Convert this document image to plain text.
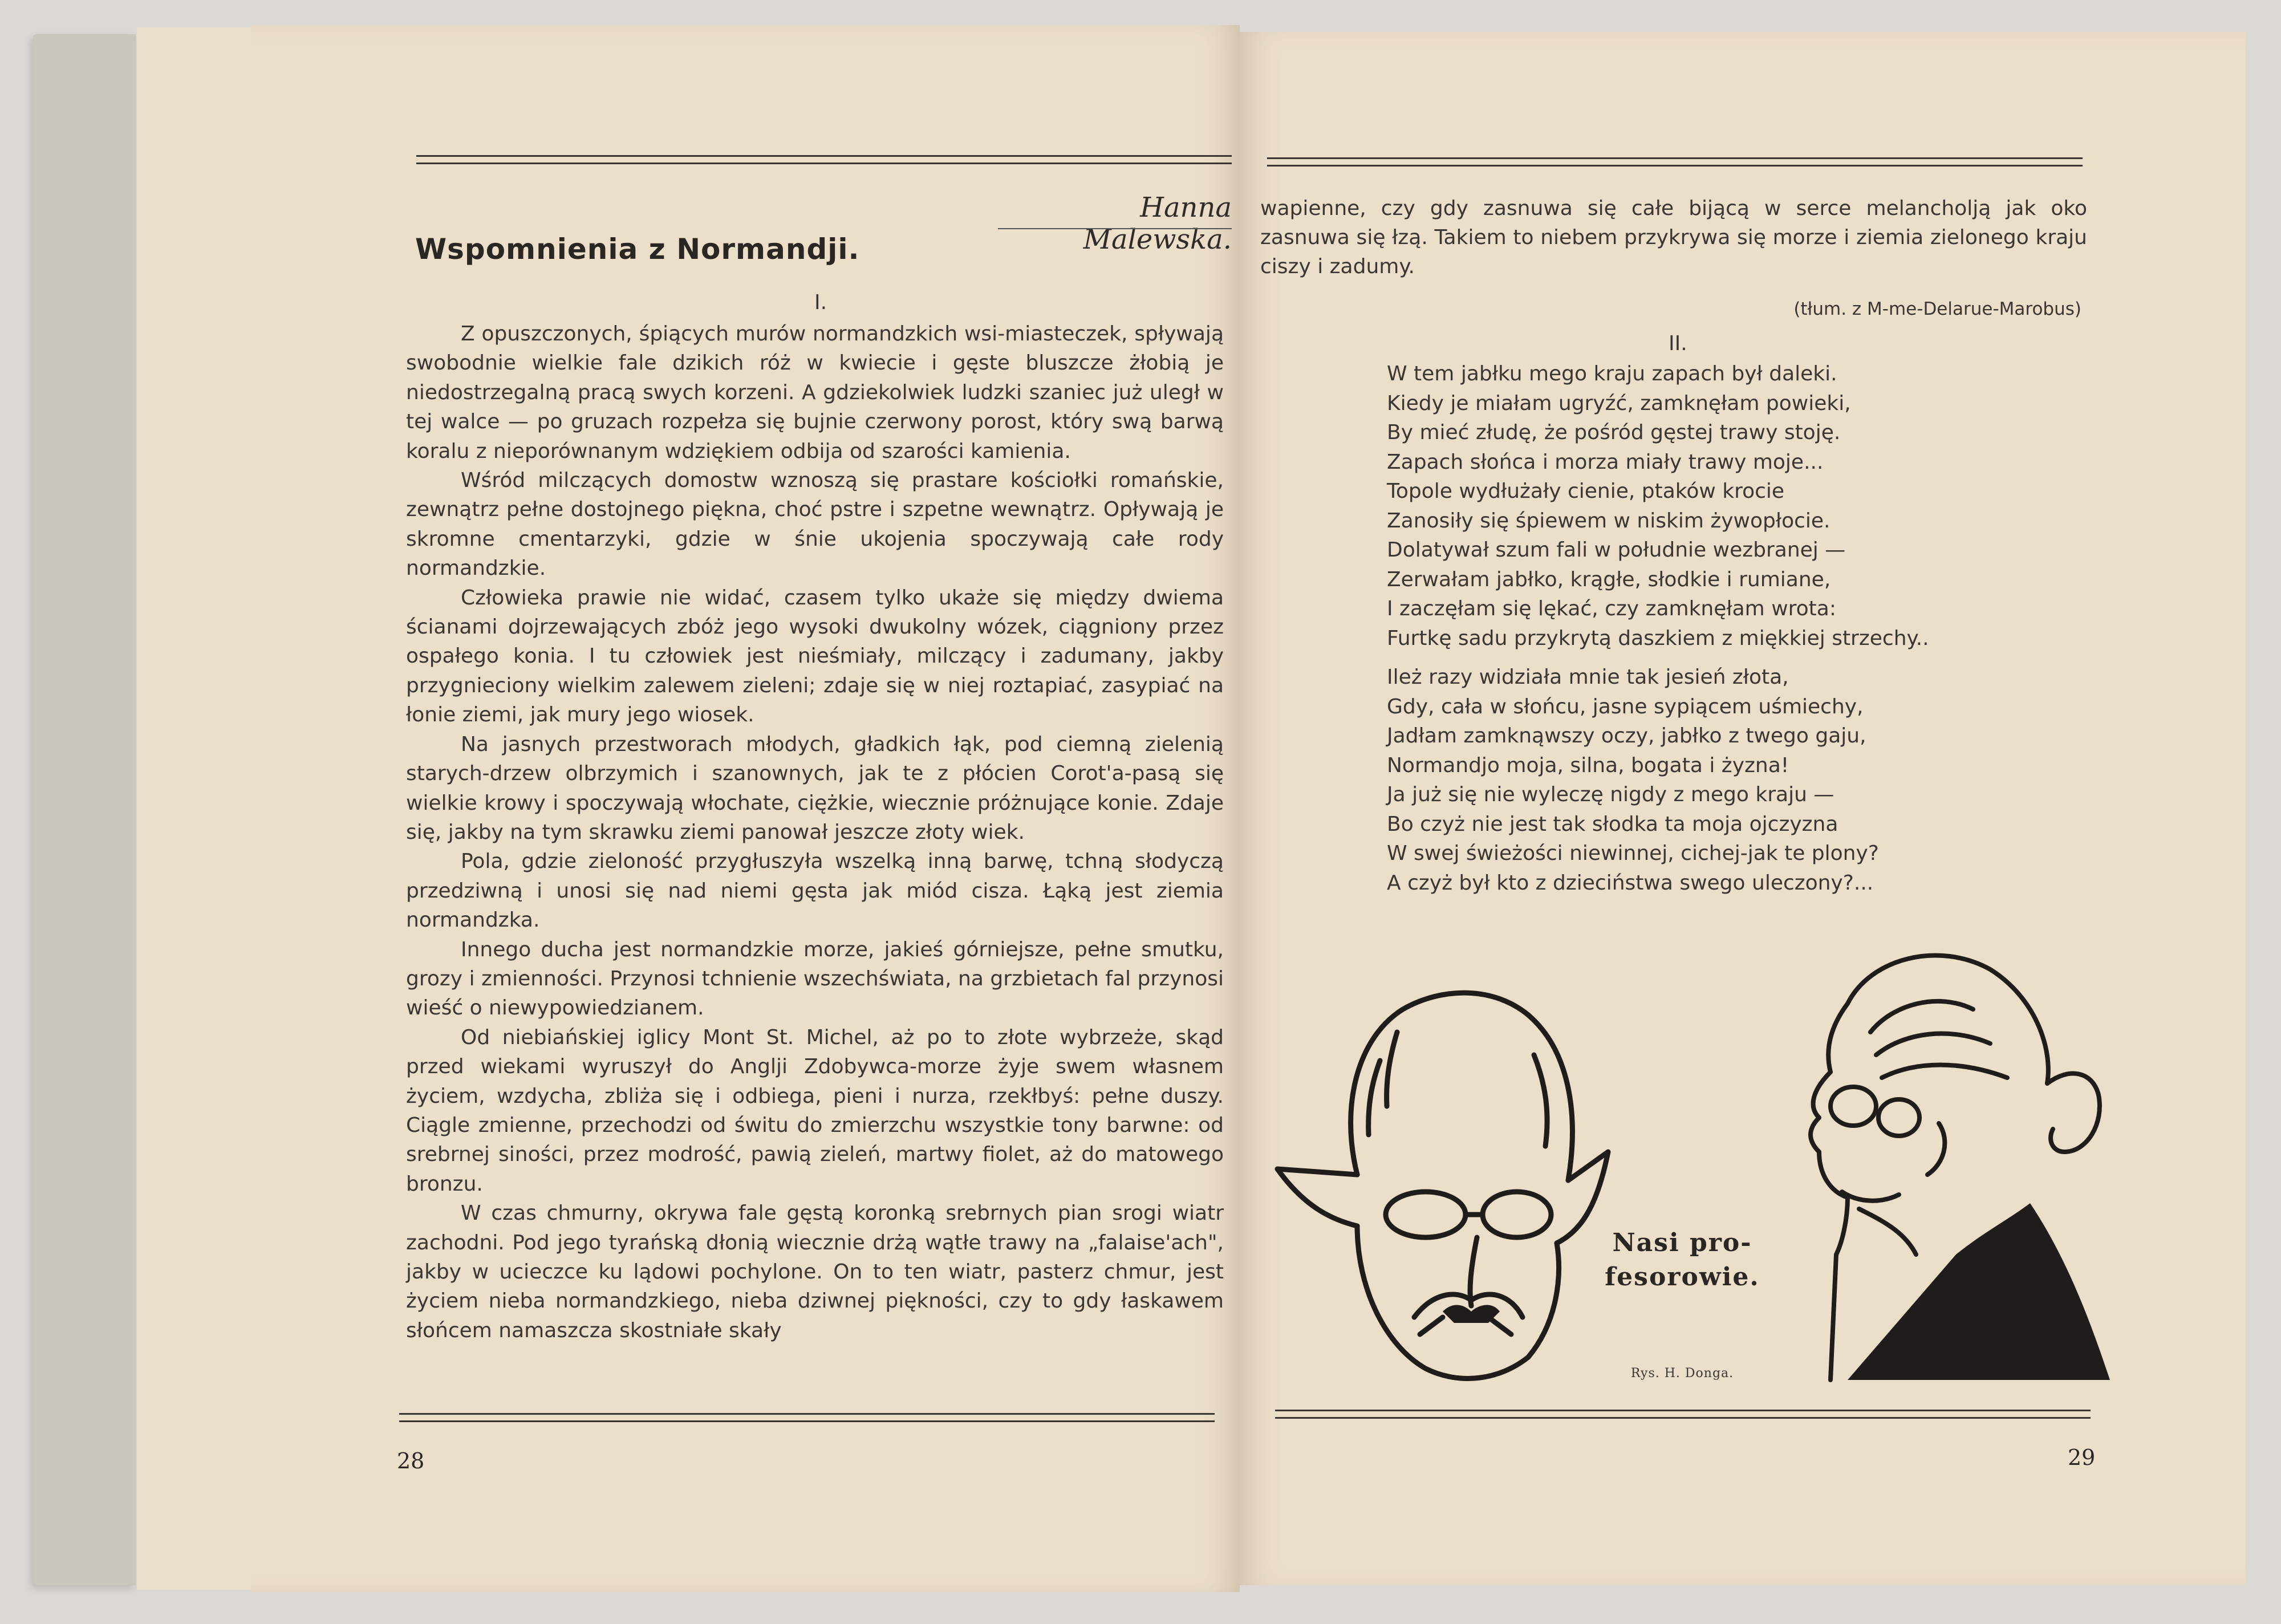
Hanna Malewska.
Wspomnienia z Normandji.
I.

Z opuszczonych, śpiących murów normandzkich wsi-miasteczek, spływają swobodnie wielkie fale dzikich róż w kwiecie i gęste bluszcze żłobią je niedostrzegalną pracą swych korzeni. A gdziekolwiek ludzki szaniec już uległ w tej walce — po gruzach rozpełza się bujnie czerwony porost, który swą barwą koralu z nieporównanym wdziękiem odbija od szarości kamienia.

Wśród milczących domostw wznoszą się prastare kościołki romańskie, zewnątrz pełne dostojnego piękna, choć pstre i szpetne wewnątrz. Opływają je skromne cmentarzyki, gdzie w śnie ukojenia spoczywają całe rody normandzkie.

Człowieka prawie nie widać, czasem tylko ukaże się między dwiema ścianami dojrzewających zbóż jego wysoki dwukolny wózek, ciągniony przez ospałego konia. I tu człowiek jest nieśmiały, milczący i zadumany, jakby przygnieciony wielkim zalewem zieleni; zdaje się w niej roztapiać, zasypiać na łonie ziemi, jak mury jego wiosek.

Na jasnych przestworach młodych, gładkich łąk, pod ciemną zielenią starych-drzew olbrzymich i szanownych, jak te z płócien Corot'a-pasą się wielkie krowy i spoczywają włochate, ciężkie, wiecznie próżnujące konie. Zdaje się, jakby na tym skrawku ziemi panował jeszcze złoty wiek.

Pola, gdzie zieloność przygłuszyła wszelką inną barwę, tchną słodyczą przedziwną i unosi się nad niemi gęsta jak miód cisza. Łąką jest ziemia normandzka.

Innego ducha jest normandzkie morze, jakieś górniejsze, pełne smutku, grozy i zmienności. Przynosi tchnienie wszechświata, na grzbietach fal przynosi wieść o niewypowiedzianem.

Od niebiańskiej iglicy Mont St. Michel, aż po to złote wybrzeże, skąd przed wiekami wyruszył do Anglji Zdobywca-morze żyje swem własnem życiem, wzdycha, zbliża się i odbiega, pieni i nurza, rzekłbyś: pełne duszy. Ciągle zmienne, przechodzi od świtu do zmierzchu wszystkie tony barwne: od srebrnej siności, przez modrość, pawią zieleń, martwy fiolet, aż do matowego bronzu.

W czas chmurny, okrywa fale gęstą koronką srebrnych pian srogi wiatr zachodni. Pod jego tyrańską dłonią wiecznie drżą wątłe trawy na „falaise'ach", jakby w ucieczce ku lądowi pochylone. On to ten wiatr, pasterz chmur, jest życiem nieba normandzkiego, nieba dziwnej piękności, czy to gdy łaskawem słońcem namaszcza skostniałe skały

28

wapienne, czy gdy zasnuwa się całe bijącą w serce melancholją jak oko zasnuwa się łzą. Takiem to niebem przykrywa się morze i ziemia zielonego kraju ciszy i zadumy.

(tłum. z M-me-Delarue-Marobus)
II.
W tem jabłku mego kraju zapach był daleki.
Kiedy je miałam ugryźć, zamknęłam powieki,
By mieć złudę, że pośród gęstej trawy stoję.
Zapach słońca i morza miały trawy moje...
Topole wydłużały cienie, ptaków krocie
Zanosiły się śpiewem w niskim żywopłocie.
Dolatywał szum fali w południe wezbranej —
Zerwałam jabłko, krągłe, słodkie i rumiane,
I zaczęłam się lękać, czy zamknęłam wrota:
Furtkę sadu przykrytą daszkiem z miękkiej strzechy..
Ileż razy widziała mnie tak jesień złota,
Gdy, cała w słońcu, jasne sypiącem uśmiechy,
Jadłam zamknąwszy oczy, jabłko z twego gaju,
Normandjo moja, silna, bogata i żyzna!
Ja już się nie wyleczę nigdy z mego kraju —
Bo czyż nie jest tak słodka ta moja ojczyzna
W swej świeżości niewinnej, cichej-jak te plony?
A czyż był kto z dzieciństwa swego uleczony?...
Nasi pro-
fesorowie.
Rys. H. Donga.
29
